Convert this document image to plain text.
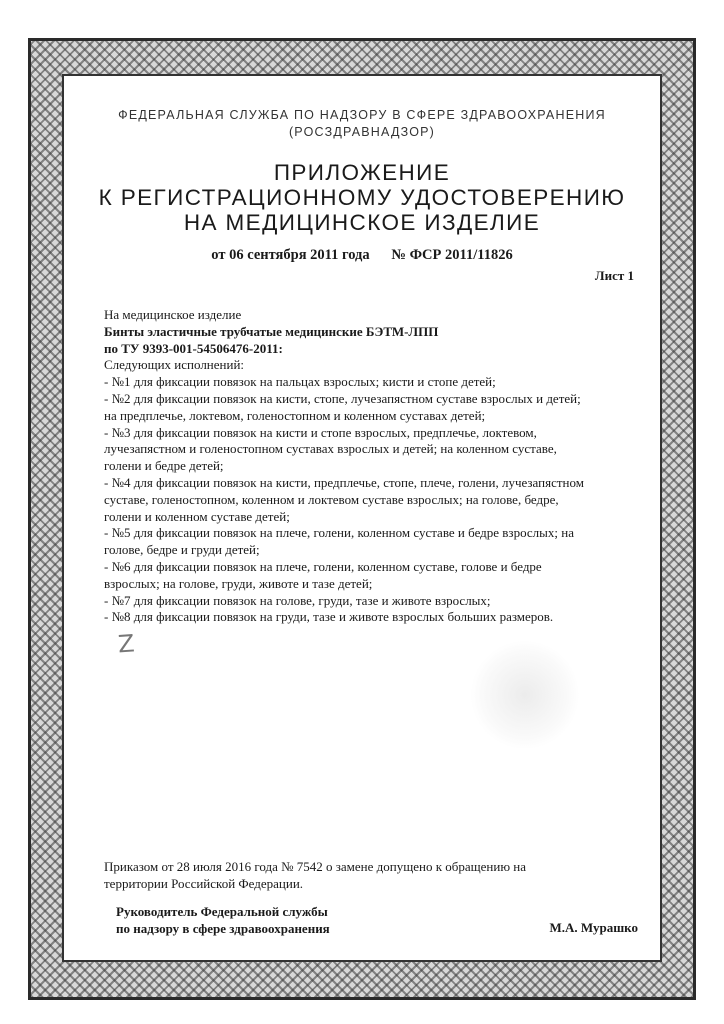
ФЕДЕРАЛЬНАЯ СЛУЖБА ПО НАДЗОРУ В СФЕРЕ ЗДРАВООХРАНЕНИЯ
(РОСЗДРАВНАДЗОР)
ПРИЛОЖЕНИЕ
К РЕГИСТРАЦИОННОМУ УДОСТОВЕРЕНИЮ
НА МЕДИЦИНСКОЕ ИЗДЕЛИЕ
от 06 сентября 2011 года № ФСР 2011/11826
Лист 1
На медицинское изделие
Бинты эластичные трубчатые медицинские БЭТМ-ЛПП
по ТУ 9393-001-54506476-2011:
Следующих исполнений:
- №1 для фиксации повязок на пальцах взрослых; кисти и стопе детей;
- №2 для фиксации повязок на кисти, стопе, лучезапястном суставе взрослых и детей;
на предплечье, локтевом, голеностопном и коленном суставах детей;
- №3 для фиксации повязок на кисти и стопе взрослых, предплечье, локтевом,
лучезапястном и голеностопном суставах взрослых и детей; на коленном суставе,
голени и бедре детей;
- №4 для фиксации повязок на кисти, предплечье, стопе, плече, голени, лучезапястном
суставе, голеностопном, коленном и локтевом суставе взрослых; на голове, бедре,
голени и коленном суставе детей;
- №5 для фиксации повязок на плече, голени, коленном суставе и бедре взрослых; на
голове, бедре и груди детей;
- №6 для фиксации повязок на плече, голени, коленном суставе, голове и бедре
взрослых; на голове, груди, животе и тазе детей;
- №7 для фиксации повязок на голове, груди, тазе и животе взрослых;
- №8 для фиксации повязок на груди, тазе и животе взрослых больших размеров.
Z
Приказом от 28 июля 2016 года № 7542 о замене допущено к обращению на
территории Российской Федерации.
Руководитель Федеральной службы
по надзору в сфере здравоохранения	М.А. Мурашко
